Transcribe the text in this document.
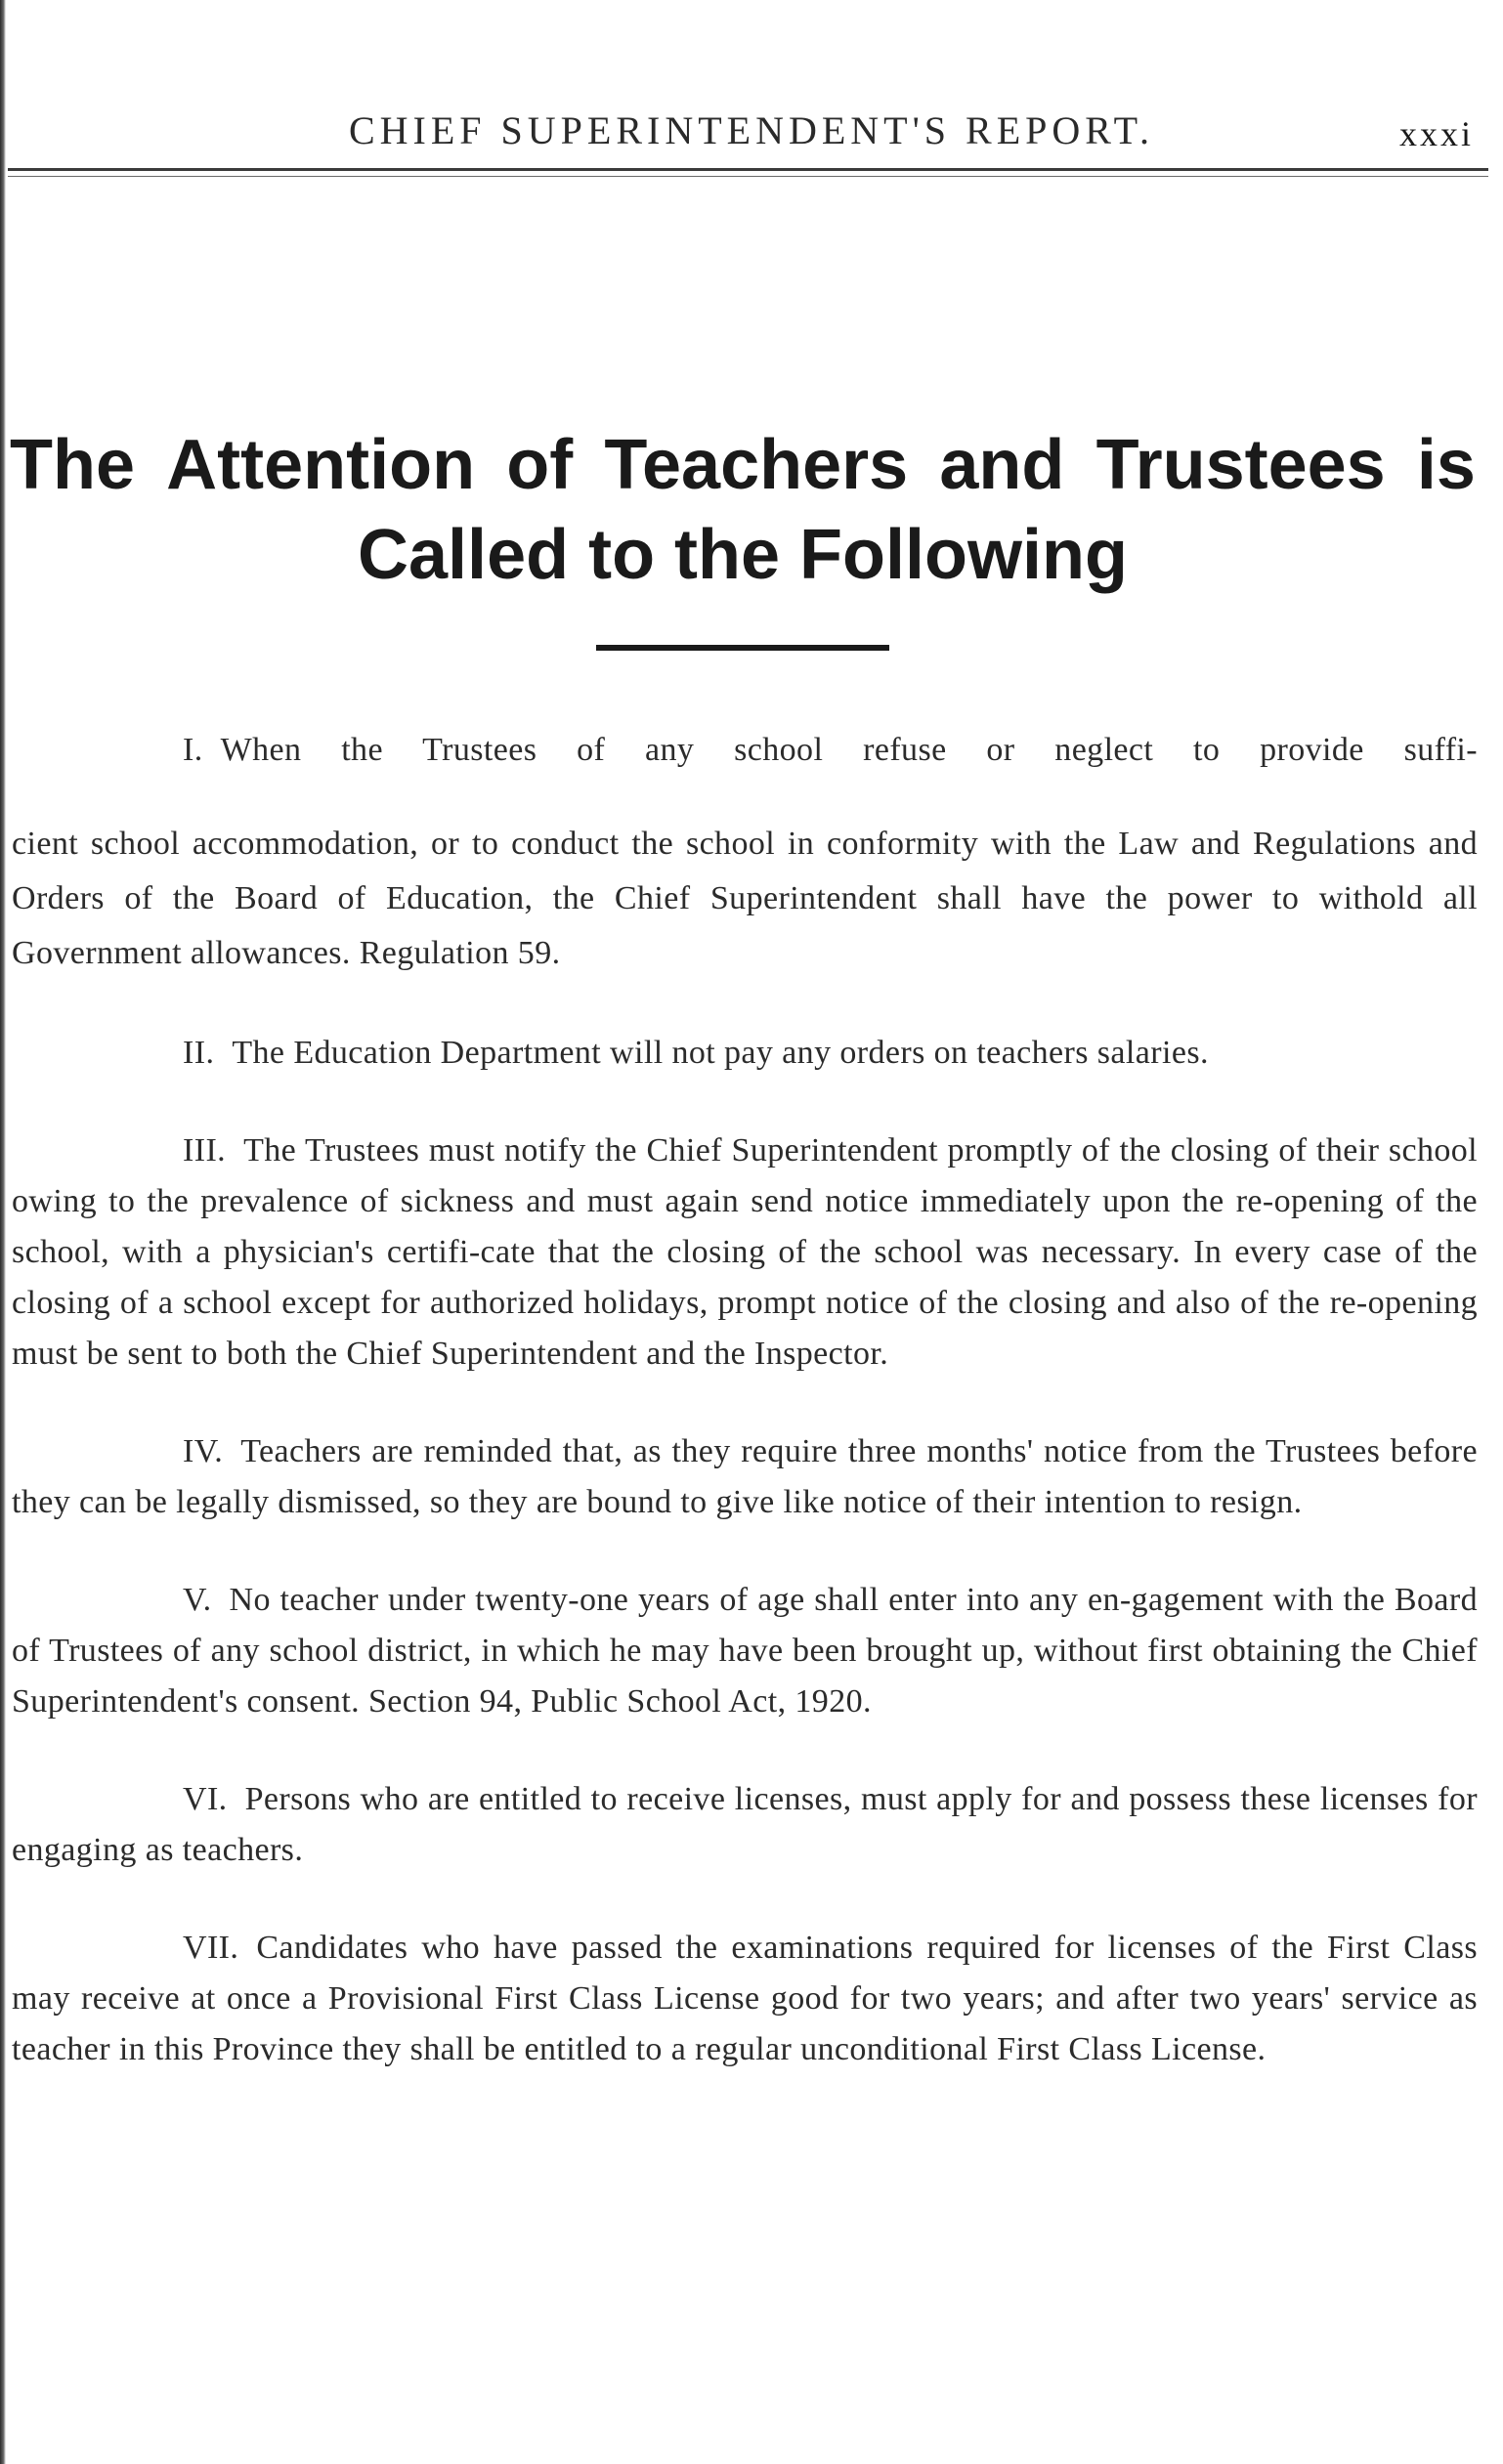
CHIEF SUPERINTENDENT'S REPORT.	xxxi
The Attention of Teachers and Trustees is
Called to the Following
I. When the Trustees of any school refuse or neglect to provide suffi-
cient school accommodation, or to conduct the school in conformity with the Law and Regulations and Orders of the Board of Education, the Chief Superintendent shall have the power to withold all Government allowances. Regulation 59.
II. The Education Department will not pay any orders on teachers salaries.
III. The Trustees must notify the Chief Superintendent promptly of the closing of their school owing to the prevalence of sickness and must again send notice immediately upon the re-opening of the school, with a physician's certifi-cate that the closing of the school was necessary. In every case of the closing of a school except for authorized holidays, prompt notice of the closing and also of the re-opening must be sent to both the Chief Superintendent and the Inspector.
IV. Teachers are reminded that, as they require three months' notice from the Trustees before they can be legally dismissed, so they are bound to give like notice of their intention to resign.
V. No teacher under twenty-one years of age shall enter into any en-gagement with the Board of Trustees of any school district, in which he may have been brought up, without first obtaining the Chief Superintendent's consent. Section 94, Public School Act, 1920.
VI. Persons who are entitled to receive licenses, must apply for and possess these licenses for engaging as teachers.
VII. Candidates who have passed the examinations required for licenses of the First Class may receive at once a Provisional First Class License good for two years; and after two years' service as teacher in this Province they shall be entitled to a regular unconditional First Class License.
